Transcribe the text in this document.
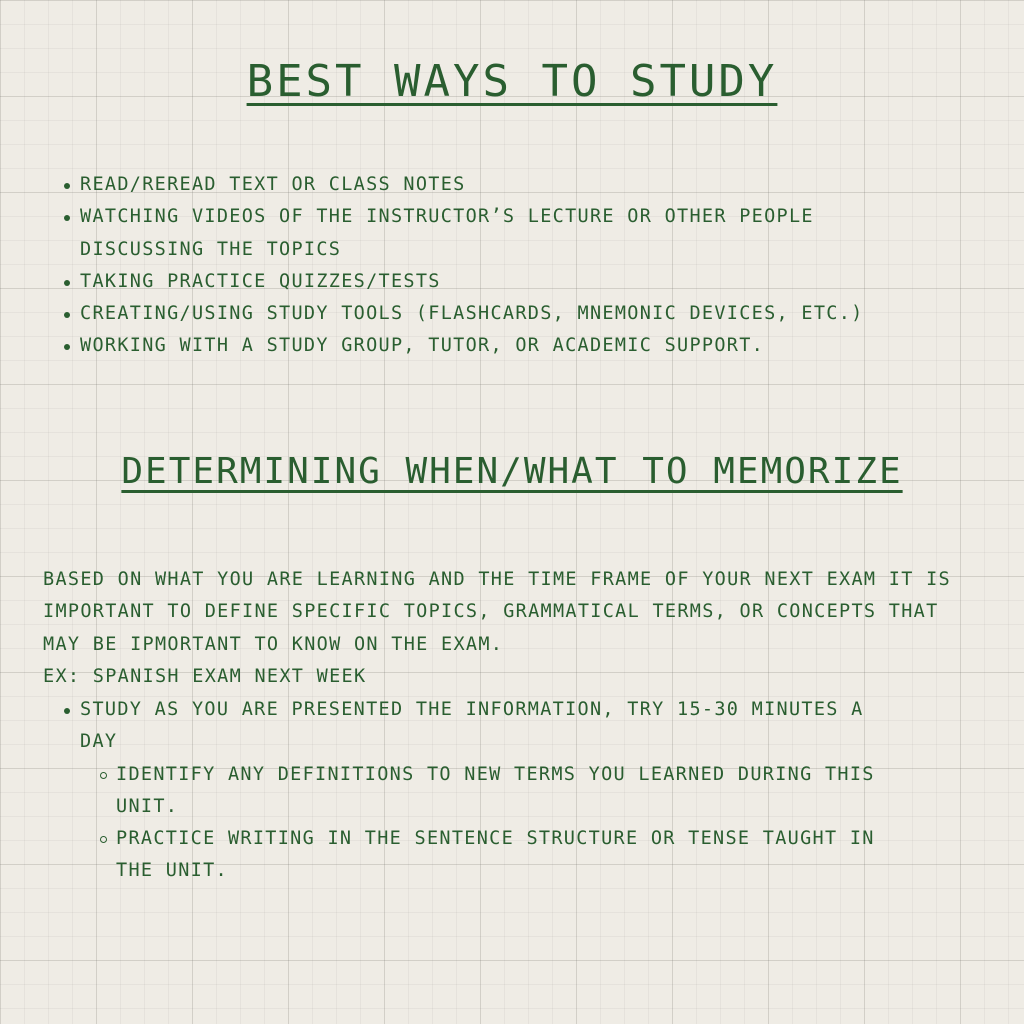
BEST WAYS TO STUDY
READ/REREAD TEXT OR CLASS NOTES
WATCHING VIDEOS OF THE INSTRUCTOR’S LECTURE OR OTHER PEOPLE DISCUSSING THE TOPICS
TAKING PRACTICE QUIZZES/TESTS
CREATING/USING STUDY TOOLS (FLASHCARDS, MNEMONIC DEVICES, ETC.)
WORKING WITH A STUDY GROUP, TUTOR, OR ACADEMIC SUPPORT.
DETERMINING WHEN/WHAT TO MEMORIZE

BASED ON WHAT YOU ARE LEARNING AND THE TIME FRAME OF YOUR NEXT EXAM IT IS IMPORTANT TO DEFINE SPECIFIC TOPICS, GRAMMATICAL TERMS, OR CONCEPTS THAT MAY BE IPMORTANT TO KNOW ON THE EXAM.

EX: SPANISH EXAM NEXT WEEK

STUDY AS YOU ARE PRESENTED THE INFORMATION, TRY 15-30 MINUTES A DAY
IDENTIFY ANY DEFINITIONS TO NEW TERMS YOU LEARNED DURING THIS UNIT.
PRACTICE WRITING IN THE SENTENCE STRUCTURE OR TENSE TAUGHT IN THE UNIT.
